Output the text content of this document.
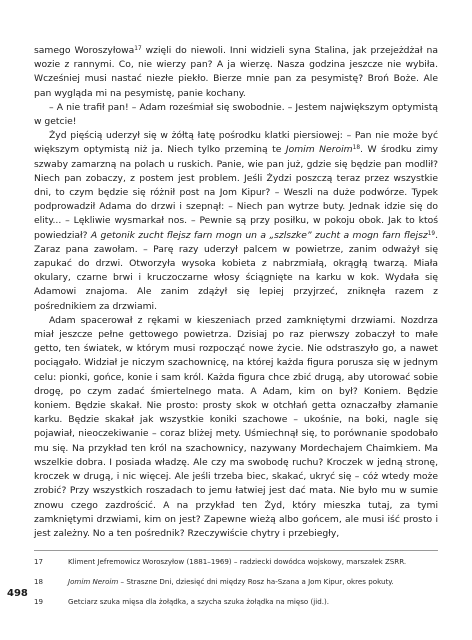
samego Woroszyłowa$^{17}$ wzięli do niewoli. Inni widzieli syna Stalina, jak przejeżdżał na wozie z rannymi. Co, nie wierzy pan? A ja wierzę. Nasza godzina jeszcze nie wybiła. Wcześniej musi nastać niezłe piekło. Bierze mnie pan za pesymistę? Broń Boże. Ale pan wygląda mi na pesymistę, panie kochany.

– A nie trafił pan! – Adam roześmiał się swobodnie. – Jestem największym optymistą w getcie!

Żyd pięścią uderzył się w żółtą łatę pośrodku klatki piersiowej: – Pan nie może być większym optymistą niż ja. Niech tylko przeminą te Jomim Neroim$^{18}$. W środku zimy szwaby zamarzną na polach u ruskich. Panie, wie pan już, gdzie się będzie pan modlił? Niech pan zobaczy, z postem jest problem. Jeśli Żydzi poszczą teraz przez wszystkie dni, to czym będzie się różnił post na Jom Kipur? – Weszli na duże podwórze. Typek podprowadził Adama do drzwi i szepnął: – Niech pan wytrze buty. Jednak idzie się do elity... – Lękliwie wysmarkał nos. – Pewnie są przy posiłku, w pokoju obok. Jak to ktoś powiedział? A getonik zucht flejsz farn mogn un a „szlszke” zucht a mogn farn flejsz$^{19}$. Zaraz pana zawołam. – Parę razy uderzył palcem w powietrze, zanim odważył się zapukać do drzwi. Otworzyła wysoka kobieta z nabrzmiałą, okrągłą twarzą. Miała okulary, czarne brwi i kruczoczarne włosy ściągnięte na karku w kok. Wydała się Adamowi znajoma. Ale zanim zdążył się lepiej przyjrzeć, zniknęła razem z pośrednikiem za drzwiami.

Adam spacerował z rękami w kieszeniach przed zamkniętymi drzwiami. Nozdrza miał jeszcze pełne gettowego powietrza. Dzisiaj po raz pierwszy zobaczył to małe getto, ten światek, w którym musi rozpocząć nowe życie. Nie odstraszyło go, a nawet pociągało. Widział je niczym szachownicę, na której każda figura porusza się w jednym celu: pionki, gońce, konie i sam król. Każda figura chce zbić drugą, aby utorować sobie drogę, po czym zadać śmiertelnego mata. A Adam, kim on był? Koniem. Będzie koniem. Będzie skakał. Nie prosto: prosty skok w otchłań getta oznaczałby złamanie karku. Będzie skakał jak wszystkie koniki szachowe – ukośnie, na boki, nagle się pojawiał, nieoczekiwanie – coraz bliżej mety. Uśmiechnął się, to porównanie spodobało mu się. Na przykład ten król na szachownicy, nazywany Mordechajem Chaimkiem. Ma wszelkie dobra. I posiada władzę. Ale czy ma swobodę ruchu? Kroczek w jedną stronę, kroczek w drugą, i nic więcej. Ale jeśli trzeba biec, skakać, ukryć się – cóż wtedy może zrobić? Przy wszystkich roszadach to jemu łatwiej jest dać mata. Nie było mu w sumie znowu czego zazdrościć. A na przykład ten Żyd, który mieszka tutaj, za tymi zamkniętymi drzwiami, kim on jest? Zapewne wieżą albo gońcem, ale musi iść prosto i jest zależny. No a ten pośrednik? Rzeczywiście chytry i przebiegły,

17	Kliment Jefremowicz Woroszyłow (1881–1969) – radziecki dowódca wojskowy, marszałek ZSRR.
18	Jomim Neroim – Straszne Dni, dziesięć dni między Rosz ha-Szana a Jom Kipur, okres pokuty.
19	Getciarz szuka mięsa dla żołądka, a szycha szuka żołądka na mięso (jid.).
498
